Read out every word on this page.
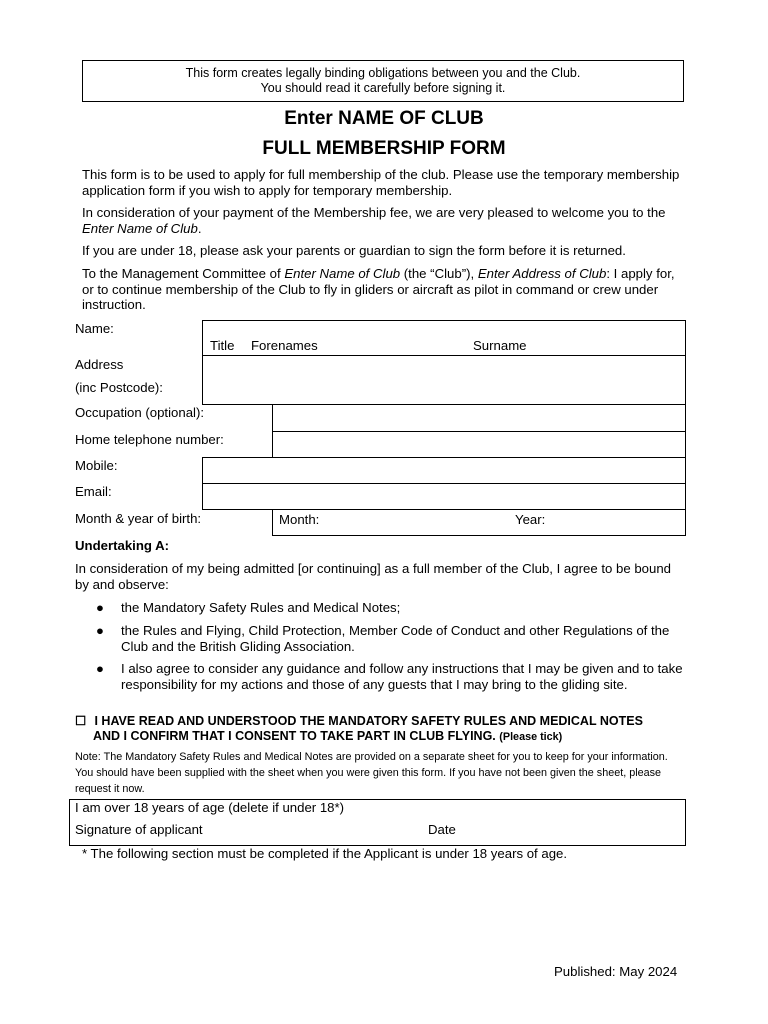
This form creates legally binding obligations between you and the Club.
You should read it carefully before signing it.
Enter NAME OF CLUB
FULL MEMBERSHIP FORM
This form is to be used to apply for full membership of the club. Please use the temporary membership application form if you wish to apply for temporary membership.
In consideration of your payment of the Membership fee, we are very pleased to welcome you to the Enter Name of Club.
If you are under 18, please ask your parents or guardian to sign the form before it is returned.
To the Management Committee of Enter Name of Club (the “Club”), Enter Address of Club: I apply for, or to continue membership of the Club to fly in gliders or aircraft as pilot in command or crew under instruction.
Name:
Title Forenames	Surname
Address
(inc Postcode):
Occupation (optional):
Home telephone number:
Mobile:
Email:
Month & year of birth:	Month:	Year:
Undertaking A:
In consideration of my being admitted [or continuing] as a full member of the Club, I agree to be bound by and observe:
● the Mandatory Safety Rules and Medical Notes;
● the Rules and Flying, Child Protection, Member Code of Conduct and other Regulations of the Club and the British Gliding Association.
● I also agree to consider any guidance and follow any instructions that I may be given and to take responsibility for my actions and those of any guests that I may bring to the gliding site.
☐ I HAVE READ AND UNDERSTOOD THE MANDATORY SAFETY RULES AND MEDICAL NOTES
AND I CONFIRM THAT I CONSENT TO TAKE PART IN CLUB FLYING. (Please tick)
Note: The Mandatory Safety Rules and Medical Notes are provided on a separate sheet for you to keep for your information. You should have been supplied with the sheet when you were given this form. If you have not been given the sheet, please request it now.
I am over 18 years of age (delete if under 18*)
Signature of applicant	Date
* The following section must be completed if the Applicant is under 18 years of age.
Published: May 2024
